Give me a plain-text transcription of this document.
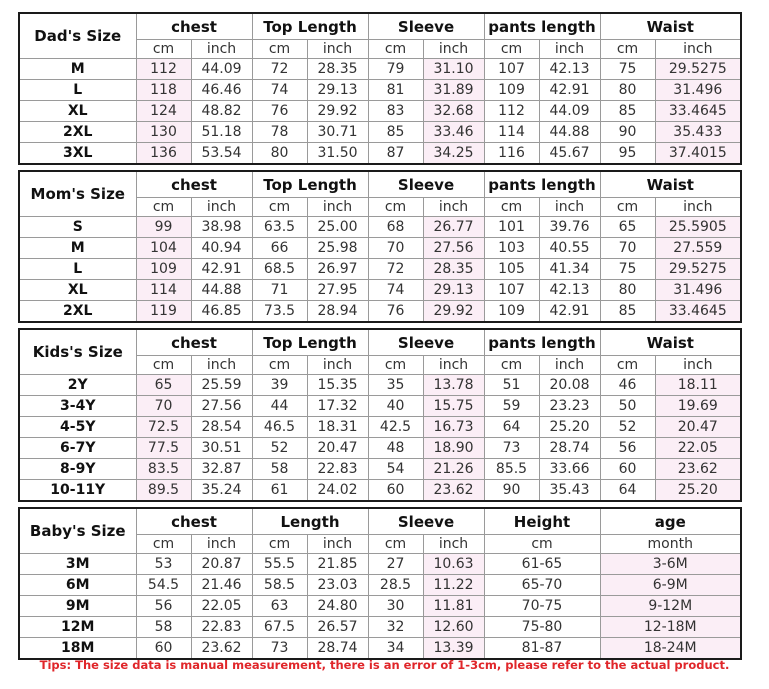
Dad's Size	chest		Top Length		Sleeve		pants length		Waist	
	cm	inch	cm	inch	cm	inch	cm	inch	cm	inch
M	112	44.09	72	28.35	79	31.10	107	42.13	75	29.5275
L	118	46.46	74	29.13	81	31.89	109	42.91	80	31.496
XL	124	48.82	76	29.92	83	32.68	112	44.09	85	33.4645
2XL	130	51.18	78	30.71	85	33.46	114	44.88	90	35.433
3XL	136	53.54	80	31.50	87	34.25	116	45.67	95	37.4015
Mom's Size	chest		Top Length		Sleeve		pants length		Waist	
	cm	inch	cm	inch	cm	inch	cm	inch	cm	inch
S	99	38.98	63.5	25.00	68	26.77	101	39.76	65	25.5905
M	104	40.94	66	25.98	70	27.56	103	40.55	70	27.559
L	109	42.91	68.5	26.97	72	28.35	105	41.34	75	29.5275
XL	114	44.88	71	27.95	74	29.13	107	42.13	80	31.496
2XL	119	46.85	73.5	28.94	76	29.92	109	42.91	85	33.4645
Kids's Size	chest		Top Length		Sleeve		pants length		Waist	
	cm	inch	cm	inch	cm	inch	cm	inch	cm	inch
2Y	65	25.59	39	15.35	35	13.78	51	20.08	46	18.11
3-4Y	70	27.56	44	17.32	40	15.75	59	23.23	50	19.69
4-5Y	72.5	28.54	46.5	18.31	42.5	16.73	64	25.20	52	20.47
6-7Y	77.5	30.51	52	20.47	48	18.90	73	28.74	56	22.05
8-9Y	83.5	32.87	58	22.83	54	21.26	85.5	33.66	60	23.62
10-11Y	89.5	35.24	61	24.02	60	23.62	90	35.43	64	25.20
Baby's Size	chest		Length		Sleeve		Height	age
	cm	inch	cm	inch	cm	inch	cm	month
3M	53	20.87	55.5	21.85	27	10.63	61-65	3-6M
6M	54.5	21.46	58.5	23.03	28.5	11.22	65-70	6-9M
9M	56	22.05	63	24.80	30	11.81	70-75	9-12M
12M	58	22.83	67.5	26.57	32	12.60	75-80	12-18M
18M	60	23.62	73	28.74	34	13.39	81-87	18-24M
Tips: The size data is manual measurement, there is an error of 1-3cm, please refer to the actual product.
